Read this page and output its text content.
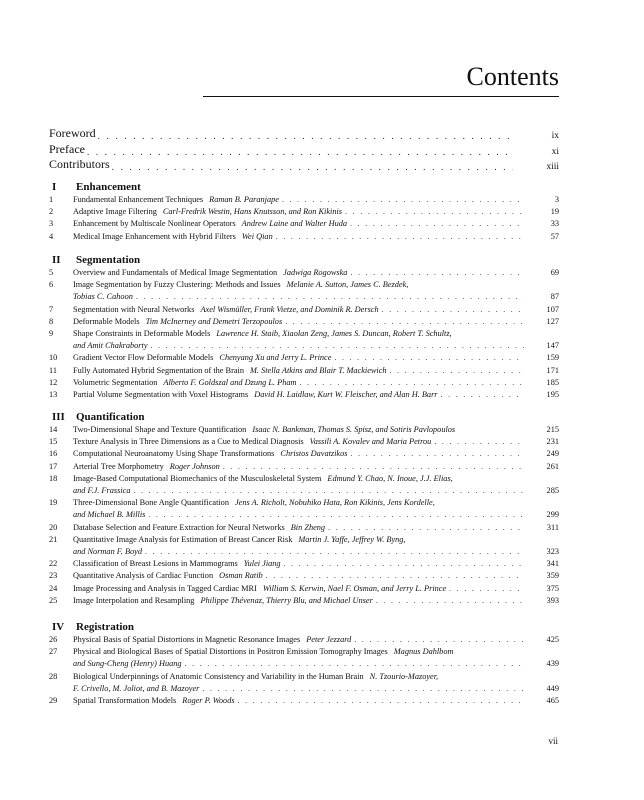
Contents
Foreword . . .	ix
Preface . . .	xi
Contributors . . .	xiii
I	Enhancement
1	Fundamental Enhancement Techniques Raman B. Paranjape . . .	3
2	Adaptive Image Filtering Carl-Fredrik Westin, Hans Knutsson, and Ron Kikinis . . .	19
3	Enhancement by Multiscale Nonlinear Operators Andrew Laine and Walter Huda . . .	33
4	Medical Image Enhancement with Hybrid Filters Wei Qian . . .	57
II	Segmentation
5	Overview and Fundamentals of Medical Image Segmentation Jadwiga Rogowska . . .	69
6	Image Segmentation by Fuzzy Clustering: Methods and Issues Melanie A. Sutton, James C. Bezdek,
Tobias C. Cahoon . . .	87
7	Segmentation with Neural Networks Axel Wismüller, Frank Vietze, and Dominik R. Dersch . . .	107
8	Deformable Models Tim McInerney and Demetri Terzopoulos . . .	127
9	Shape Constraints in Deformable Models Lawrence H. Staib, Xiaolan Zeng, James S. Duncan, Robert T. Schultz,
and Amit Chakraborty . . .	147
10	Gradient Vector Flow Deformable Models Chenyang Xu and Jerry L. Prince . . .	159
11	Fully Automated Hybrid Segmentation of the Brain M. Stella Atkins and Blair T. Mackiewich . . .	171
12	Volumetric Segmentation Alberto F. Goldszal and Dzung L. Pham . . .	185
13	Partial Volume Segmentation with Voxel Histograms David H. Laidlaw, Kurt W. Fleischer, and Alan H. Barr . . .	195
III	Quantification
14	Two-Dimensional Shape and Texture Quantification Isaac N. Bankman, Thomas S. Spisz, and Sotiris Pavlopoulos	215
15	Texture Analysis in Three Dimensions as a Cue to Medical Diagnosis Vassili A. Kovalev and Maria Petrou . . .	231
16	Computational Neuroanatomy Using Shape Transformations Christos Davatzikos . . .	249
17	Arterial Tree Morphometry Roger Johnson . . .	261
18	Image-Based Computational Biomechanics of the Musculoskeletal System Edmund Y. Chao, N. Inoue, J.J. Elias,
and F.J. Frassica . . .	285
19	Three-Dimensional Bone Angle Quantification Jens A. Richolt, Nobuhiko Hata, Ron Kikinis, Jens Kordelle,
and Michael B. Millis . . .	299
20	Database Selection and Feature Extraction for Neural Networks Bin Zheng . . .	311
21	Quantitative Image Analysis for Estimation of Breast Cancer Risk Martin J. Yaffe, Jeffrey W. Byng,
and Norman F. Boyd . . .	323
22	Classification of Breast Lesions in Mammograms Yulei Jiang . . .	341
23	Quantitative Analysis of Cardiac Function Osman Ratib . . .	359
24	Image Processing and Analysis in Tagged Cardiac MRI William S. Kerwin, Nael F. Osman, and Jerry L. Prince . . .	375
25	Image Interpolation and Resampling Philippe Thévenaz, Thierry Blu, and Michael Unser . . .	393
IV	Registration
26	Physical Basis of Spatial Distortions in Magnetic Resonance Images Peter Jezzard . . .	425
27	Physical and Biological Bases of Spatial Distortions in Positron Emission Tomography Images Magnus Dahlbom
and Sung-Cheng (Henry) Huang . . .	439
28	Biological Underpinnings of Anatomic Consistency and Variability in the Human Brain N. Tzourio-Mazoyer,
F. Crivello, M. Joliot, and B. Mazoyer . . .	449
29	Spatial Transformation Models Roger P. Woods . . .	465
vii
